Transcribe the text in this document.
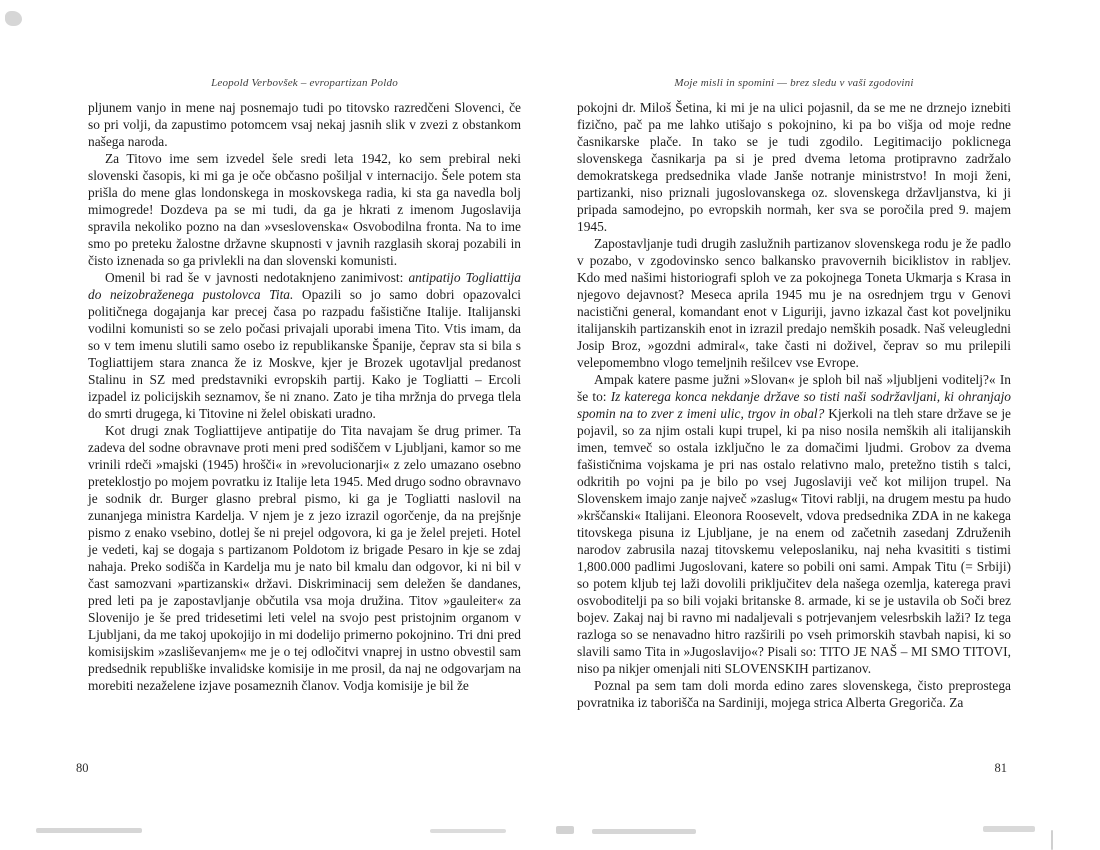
Leopold Verbovšek – evropartizan Poldo	Moje misli in spomini — brez sledu v vaši zgodovini

pljunem vanjo in mene naj posnemajo tudi po titovsko razredčeni Slovenci, če so pri volji, da zapustimo potomcem vsaj nekaj jasnih slik v zvezi z obstankom našega naroda.

Za Titovo ime sem izvedel šele sredi leta 1942, ko sem prebiral neki slovenski časopis, ki mi ga je oče občasno pošiljal v internacijo. Šele potem sta prišla do mene glas londonskega in moskovskega radia, ki sta ga navedla bolj mimogrede! Dozdeva pa se mi tudi, da ga je hkrati z imenom Jugoslavija spravila nekoliko pozno na dan »vseslovenska« Osvobodilna fronta. Na to ime smo po preteku žalostne državne skupnosti v javnih razglasih skoraj pozabili in čisto iznenada so ga privlekli na dan slovenski komunisti.

Omenil bi rad še v javnosti nedotaknjeno zanimivost: antipatijo Togliattija do neizobraženega pustolovca Tita. Opazili so jo samo dobri opazovalci političnega dogajanja kar precej časa po razpadu fašistične Italije. Italijanski vodilni komunisti so se zelo počasi privajali uporabi imena Tito. Vtis imam, da so v tem imenu slutili samo osebo iz republikanske Španije, čeprav sta si bila s Togliattijem stara znanca že iz Moskve, kjer je Brozek ugotavljal predanost Stalinu in SZ med predstavniki evropskih partij. Kako je Togliatti – Ercoli izpadel iz policijskih seznamov, še ni znano. Zato je tiha mržnja do prvega tlela do smrti drugega, ki Titovine ni želel obiskati uradno.

Kot drugi znak Togliattijeve antipatije do Tita navajam še drug primer. Ta zadeva del sodne obravnave proti meni pred sodiščem v Ljubljani, kamor so me vrinili rdeči »majski (1945) hrošči« in »revolucionarji« z zelo umazano osebno preteklostjo po mojem povratku iz Italije leta 1945. Med drugo sodno obravnavo je sodnik dr. Burger glasno prebral pismo, ki ga je Togliatti naslovil na zunanjega ministra Kardelja. V njem je z jezo izrazil ogorčenje, da na prejšnje pismo z enako vsebino, dotlej še ni prejel odgovora, ki ga je želel prejeti. Hotel je vedeti, kaj se dogaja s partizanom Poldotom iz brigade Pesaro in kje se zdaj nahaja. Preko sodišča in Kardelja mu je nato bil kmalu dan odgovor, ki ni bil v čast samozvani »partizanski« državi. Diskriminacij sem deležen še dandanes, pred leti pa je zapostavljanje občutila vsa moja družina. Titov »gauleiter« za Slovenijo je še pred tridesetimi leti velel na svojo pest pristojnim organom v Ljubljani, da me takoj upokojijo in mi dodelijo primerno pokojnino. Tri dni pred komisijskim »zasliševanjem« me je o tej odločitvi vnaprej in ustno obvestil sam predsednik republiške invalidske komisije in me prosil, da naj ne odgovarjam na morebiti nezaželene izjave posameznih članov. Vodja komisije je bil že

pokojni dr. Miloš Šetina, ki mi je na ulici pojasnil, da se me ne drznejo iznebiti fizično, pač pa me lahko utišajo s pokojnino, ki pa bo višja od moje redne časnikarske plače. In tako se je tudi zgodilo. Legitimacijo poklicnega slovenskega časnikarja pa si je pred dvema letoma protipravno zadržalo demokratskega predsednika vlade Janše notranje ministrstvo! In moji ženi, partizanki, niso priznali jugoslovanskega oz. slovenskega državljanstva, ki ji pripada samodejno, po evropskih normah, ker sva se poročila pred 9. majem 1945.

Zapostavljanje tudi drugih zaslužnih partizanov slovenskega rodu je že padlo v pozabo, v zgodovinsko senco balkansko pravovernih biciklistov in rabljev. Kdo med našimi historiografi sploh ve za pokojnega Toneta Ukmarja s Krasa in njegovo dejavnost? Meseca aprila 1945 mu je na osrednjem trgu v Genovi nacistični general, komandant enot v Liguriji, javno izkazal čast kot poveljniku italijanskih partizanskih enot in izrazil predajo nemških posadk. Naš veleugledni Josip Broz, »gozdni admiral«, take časti ni doživel, čeprav so mu prilepili velepomembno vlogo temeljnih rešilcev vse Evrope.

Ampak katere pasme južni »Slovan« je sploh bil naš »ljubljeni voditelj?« In še to: Iz katerega konca nekdanje države so tisti naši sodržavljani, ki ohranjajo spomin na to zver z imeni ulic, trgov in obal? Kjerkoli na tleh stare države se je pojavil, so za njim ostali kupi trupel, ki pa niso nosila nemških ali italijanskih imen, temveč so ostala izključno le za domačimi ljudmi. Grobov za dvema fašističnima vojskama je pri nas ostalo relativno malo, pretežno tistih s talci, odkritih po vojni pa je bilo po vsej Jugoslaviji več kot milijon trupel. Na Slovenskem imajo zanje največ »zaslug« Titovi rablji, na drugem mestu pa hudo »krščanski« Italijani. Eleonora Roosevelt, vdova predsednika ZDA in ne kakega titovskega pisuna iz Ljubljane, je na enem od začetnih zasedanj Združenih narodov zabrusila nazaj titovskemu veleposlaniku, naj neha kvasititi s tistimi 1,800.000 padlimi Jugoslovani, katere so pobili oni sami. Ampak Titu (= Srbiji) so potem kljub tej laži dovolili priključitev dela našega ozemlja, katerega pravi osvoboditelji pa so bili vojaki britanske 8. armade, ki se je ustavila ob Soči brez bojev. Zakaj naj bi ravno mi nadaljevali s potrjevanjem velesrbskih laži? Iz tega razloga so se nenavadno hitro razširili po vseh primorskih stavbah napisi, ki so slavili samo Tita in »Jugoslavijo«? Pisali so: TITO JE NAŠ – MI SMO TITOVI, niso pa nikjer omenjali niti SLOVENSKIH partizanov.

Poznal pa sem tam doli morda edino zares slovenskega, čisto preprostega povratnika iz taborišča na Sardiniji, mojega strica Alberta Gregoriča. Za

80	81
